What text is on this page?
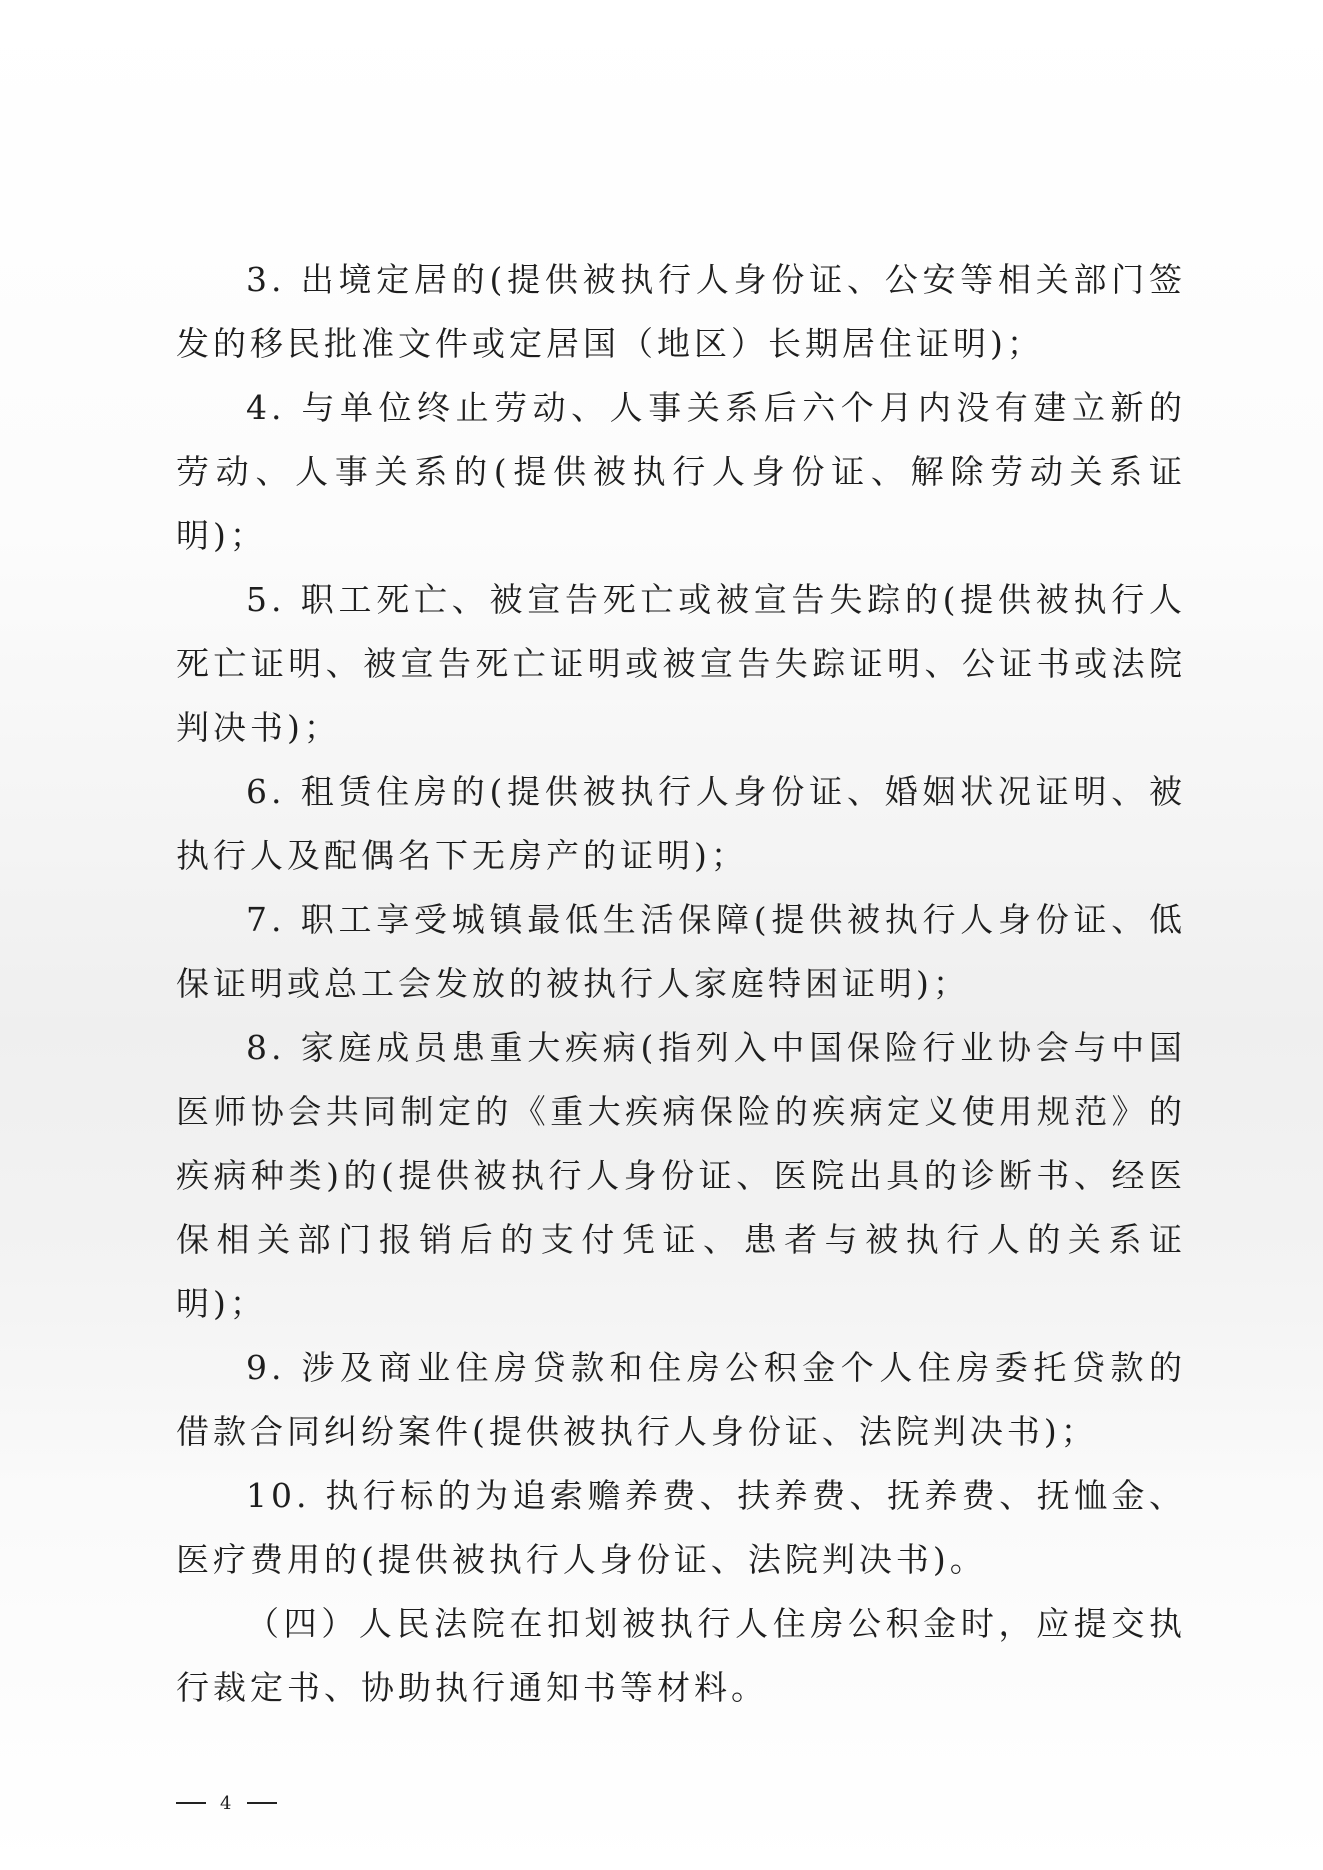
3. 出境定居的(提供被执行人身份证、公安等相关部门签发的移民批准文件或定居国（地区）长期居住证明)；

4. 与单位终止劳动、人事关系后六个月内没有建立新的劳动、人事关系的(提供被执行人身份证、解除劳动关系证明)；

5. 职工死亡、被宣告死亡或被宣告失踪的(提供被执行人死亡证明、被宣告死亡证明或被宣告失踪证明、公证书或法院判决书)；

6. 租赁住房的(提供被执行人身份证、婚姻状况证明、被执行人及配偶名下无房产的证明)；

7. 职工享受城镇最低生活保障(提供被执行人身份证、低保证明或总工会发放的被执行人家庭特困证明)；

8. 家庭成员患重大疾病(指列入中国保险行业协会与中国医师协会共同制定的《重大疾病保险的疾病定义使用规范》的疾病种类)的(提供被执行人身份证、医院出具的诊断书、经医保相关部门报销后的支付凭证、患者与被执行人的关系证明)；

9. 涉及商业住房贷款和住房公积金个人住房委托贷款的借款合同纠纷案件(提供被执行人身份证、法院判决书)；

10. 执行标的为追索赡养费、扶养费、抚养费、抚恤金、医疗费用的(提供被执行人身份证、法院判决书)。

（四）人民法院在扣划被执行人住房公积金时，应提交执行裁定书、协助执行通知书等材料。

4
